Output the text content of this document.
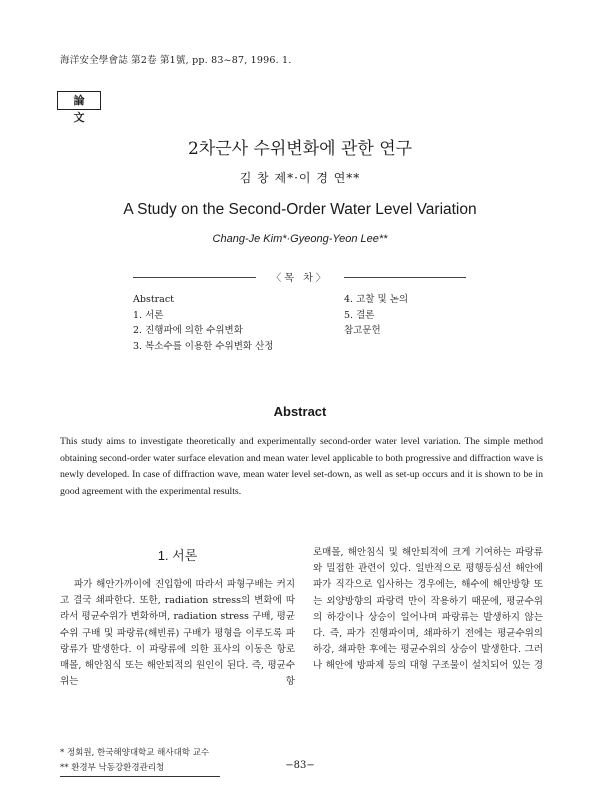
海洋安全學會誌 第2卷 第1號, pp. 83~87, 1996. 1.
論 文
2차근사 수위변화에 관한 연구
김 창 제*·이 경 연**
A Study on the Second-Order Water Level Variation
Chang-Je Kim*·Gyeong-Yeon Lee**
〈목 차〉
Abstract
1. 서론
2. 진행파에 의한 수위변화
3. 복소수를 이용한 수위변화 산정
4. 고찰 및 논의
5. 결론
참고문헌
Abstract
This study aims to investigate theoretically and experimentally second-order water level variation. The simple method obtaining second-order water surface elevation and mean water level applicable to both progressive and diffraction wave is newly developed. In case of diffraction wave, mean water level set-down, as well as set-up occurs and it is shown to be in good agreement with the experimental results.
1. 서론
파가 해안가까이에 진입함에 따라서 파형구배는 커지고 결국 쇄파한다. 또한, radiation stress의 변화에 따라서 평균수위가 변화하며, radiation stress 구배, 평균수위 구배 및 파랑류(해빈류) 구배가 평형을 이루도록 파랑류가 발생한다. 이 파랑류에 의한 표사의 이동은 항로매몰, 해안침식 또는 해안퇴적의 원인이 된다. 즉, 평균수위는 항
로매몰, 해안침식 및 해안퇴적에 크게 기여하는 파랑류와 밀접한 관련이 있다. 일반적으로 평행등심선 해안에 파가 직각으로 입사하는 경우에는, 해수에 해안방향 또는 외양방향의 파랑력 만이 작용하기 때문에, 평균수위의 하강이나 상승이 일어나며 파랑류는 발생하지 않는다. 즉, 파가 진행파이며, 쇄파하기 전에는 평균수위의 하강, 쇄파한 후에는 평균수위의 상승이 발생한다. 그러나 해안에 방파제 등의 대형 구조물이 설치되어 있는 경
* 정회원, 한국해양대학교 해사대학 교수
** 환경부 낙동강환경관리청	−83−
